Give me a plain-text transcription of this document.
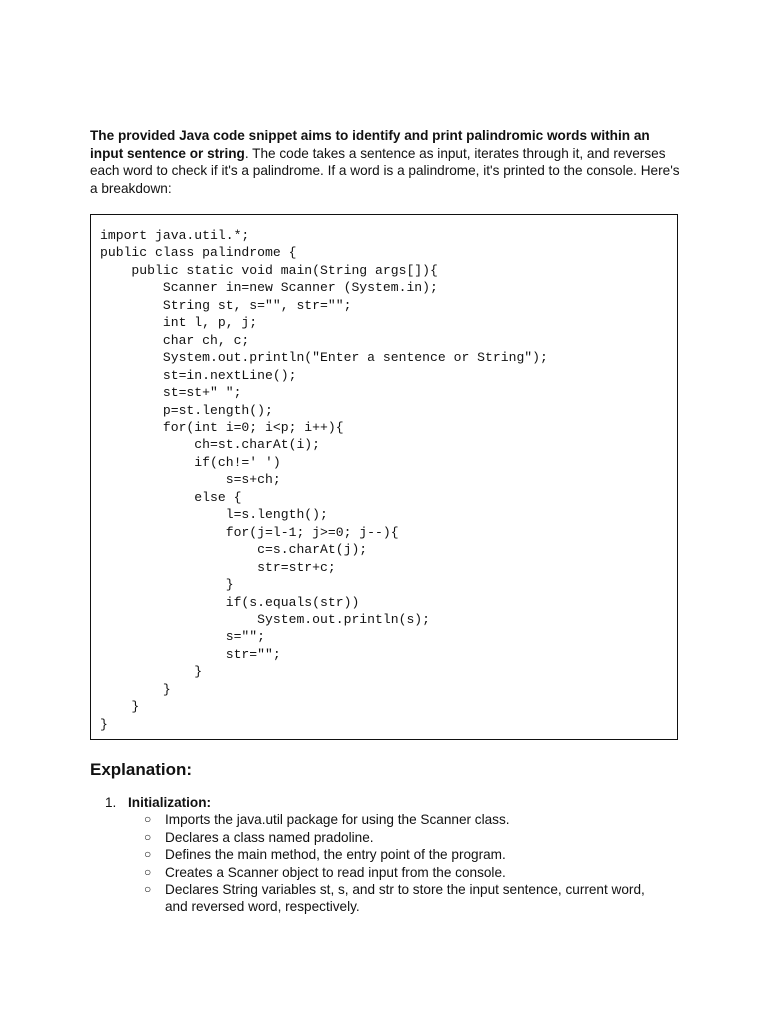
The provided Java code snippet aims to identify and print palindromic words within an input sentence or string. The code takes a sentence as input, iterates through it, and reverses each word to check if it's a palindrome. If a word is a palindrome, it's printed to the console. Here's a breakdown:

import java.util.*;
public class palindrome {
public static void main(String args[]){
Scanner in=new Scanner (System.in);
String st, s="", str="";
int l, p, j;
char ch, c;
System.out.println("Enter a sentence or String");
st=in.nextLine();
st=st+" ";
p=st.length();
for(int i=0; i<p; i++){
ch=st.charAt(i);
if(ch!=' ')
s=s+ch;
else {
l=s.length();
for(j=l-1; j>=0; j--){
c=s.charAt(j);
str=str+c;
}
if(s.equals(str))
System.out.println(s);
s="";
str="";
}
}
}
}
Explanation:
1. Initialization:
○ Imports the java.util package for using the Scanner class.
○ Declares a class named pradoline.
○ Defines the main method, the entry point of the program.
○ Creates a Scanner object to read input from the console.
○ Declares String variables st, s, and str to store the input sentence, current word, and reversed word, respectively.
